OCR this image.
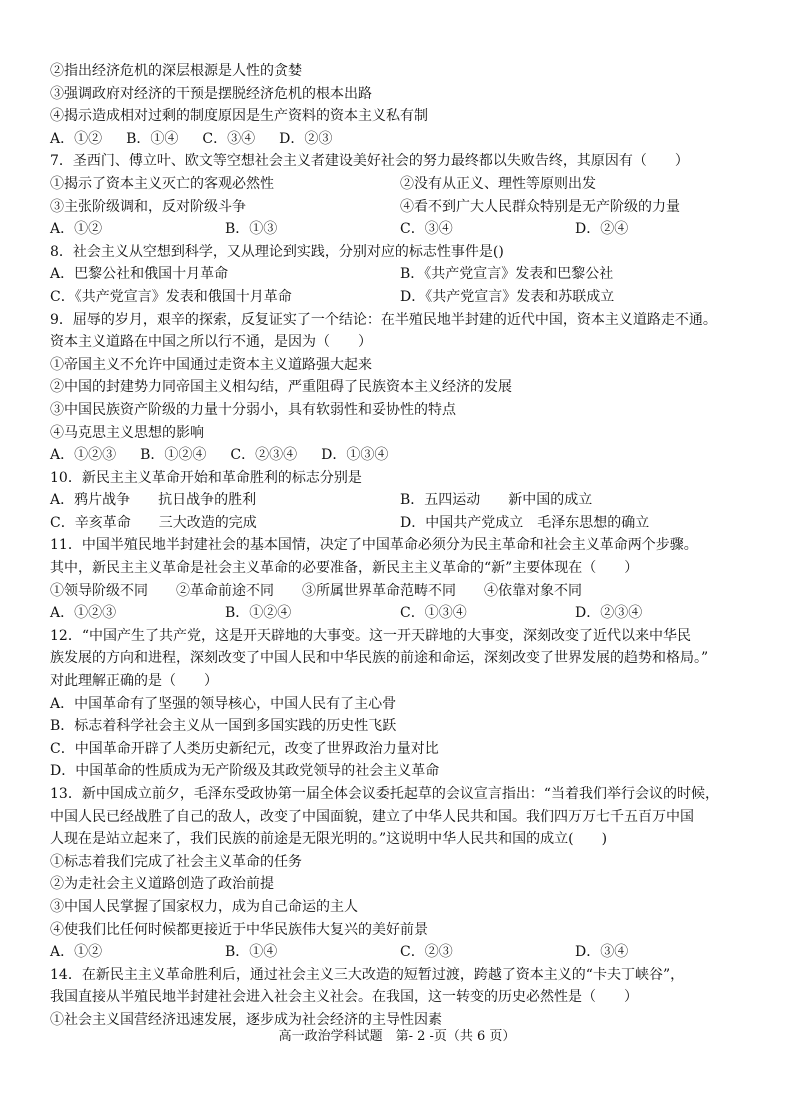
②指出经济危机的深层根源是人性的贪婪
③强调政府对经济的干预是摆脱经济危机的根本出路
④揭示造成相对过剩的制度原因是生产资料的资本主义私有制
A．①② B．①④ C．③④ D．②③
7．圣西门、傅立叶、欧文等空想社会主义者建设美好社会的努力最终都以失败告终，其原因有（　　）
①揭示了资本主义灭亡的客观必然性	②没有从正义、理性等原则出发
③主张阶级调和，反对阶级斗争	④看不到广大人民群众特别是无产阶级的力量
A．①②	B．①③	C．③④	D．②④
8．社会主义从空想到科学，又从理论到实践，分别对应的标志性事件是()
A．巴黎公社和俄国十月革命	B．《共产党宣言》发表和巴黎公社
C．《共产党宣言》发表和俄国十月革命	D．《共产党宣言》发表和苏联成立
9．屈辱的岁月，艰辛的探索，反复证实了一个结论：在半殖民地半封建的近代中国，资本主义道路走不通。
资本主义道路在中国之所以行不通，是因为（　　）
①帝国主义不允许中国通过走资本主义道路强大起来
②中国的封建势力同帝国主义相勾结，严重阻碍了民族资本主义经济的发展
③中国民族资产阶级的力量十分弱小，具有软弱性和妥协性的特点
④马克思主义思想的影响
A．①②③ B．①②④ C．②③④ D．①③④
10．新民主主义革命开始和革命胜利的标志分别是
A．鸦片战争　　抗日战争的胜利	B．五四运动　　新中国的成立
C．辛亥革命　　三大改造的完成	D．中国共产党成立　毛泽东思想的确立
11．中国半殖民地半封建社会的基本国情，决定了中国革命必须分为民主革命和社会主义革命两个步骤。
其中，新民主主义革命是社会主义革命的必要准备，新民主主义革命的“新”主要体现在（　　）
①领导阶级不同　　②革命前途不同　　③所属世界革命范畴不同　　④依靠对象不同
A．①②③	B．①②④	C．①③④	D．②③④
12．“中国产生了共产党，这是开天辟地的大事变。这一开天辟地的大事变，深刻改变了近代以来中华民
族发展的方向和进程，深刻改变了中国人民和中华民族的前途和命运，深刻改变了世界发展的趋势和格局。”
对此理解正确的是（　　）
A．中国革命有了坚强的领导核心，中国人民有了主心骨
B．标志着科学社会主义从一国到多国实践的历史性飞跃
C．中国革命开辟了人类历史新纪元，改变了世界政治力量对比
D．中国革命的性质成为无产阶级及其政党领导的社会主义革命
13．新中国成立前夕，毛泽东受政协第一届全体会议委托起草的会议宣言指出：“当着我们举行会议的时候，
中国人民已经战胜了自己的敌人，改变了中国面貌，建立了中华人民共和国。我们四万万七千五百万中国
人现在是站立起来了，我们民族的前途是无限光明的。”这说明中华人民共和国的成立(　　)
①标志着我们完成了社会主义革命的任务
②为走社会主义道路创造了政治前提
③中国人民掌握了国家权力，成为自己命运的主人
④使我们比任何时候都更接近于中华民族伟大复兴的美好前景
A．①②	B．①④	C．②③	D．③④
14．在新民主主义革命胜利后，通过社会主义三大改造的短暂过渡，跨越了资本主义的“卡夫丁峡谷”，
我国直接从半殖民地半封建社会进入社会主义社会。在我国，这一转变的历史必然性是（　　）
①社会主义国营经济迅速发展，逐步成为社会经济的主导性因素
高一政治学科试题　第- 2 -页（共 6 页）
